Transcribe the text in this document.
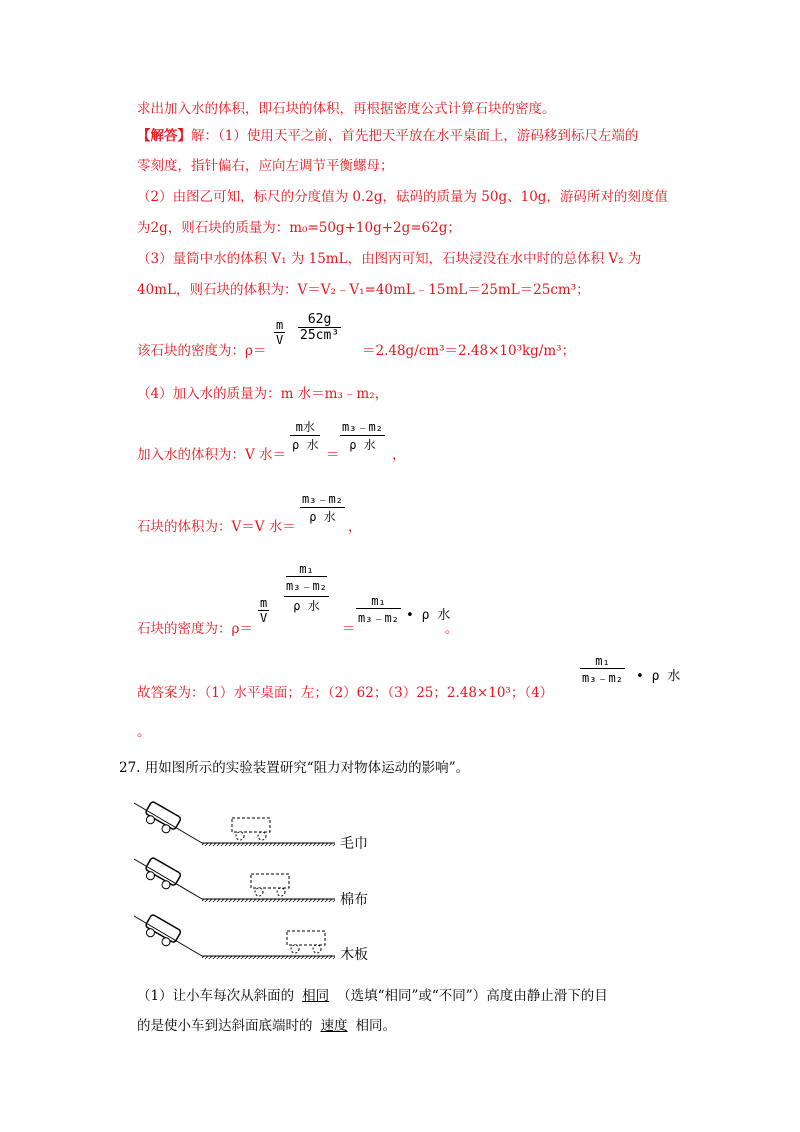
求出加入水的体积，即石块的体积，再根据密度公式计算石块的密度。
【解答】解：（1）使用天平之前，首先把天平放在水平桌面上，游码移到标尺左端的
零刻度，指针偏右，应向左调节平衡螺母；
（2）由图乙可知，标尺的分度值为 0.2g，砝码的质量为 50g、10g，游码所对的刻度值
为2g，则石块的质量为：m₀=50g+10g+2g=62g；
（3）量筒中水的体积 V₁ 为 15mL，由图丙可知，石块浸没在水中时的总体积 V₂ 为
40mL，则石块的体积为：V＝V₂﹣V₁=40mL﹣15mL＝25mL＝25cm³；
该石块的密度为：ρ＝
$\frac{m}{V} \frac{62g}{\text{25cm³}}$
＝2.48g/cm³＝2.48×10³kg/m³；
（4）加入水的质量为：m 水＝m₃﹣m₂，
加入水的体积为：V 水＝
m水
ρ 水
＝
m₃﹣m₂
ρ 水
，
石块的体积为：V＝V 水＝
m₃﹣m₂
ρ 水
，
石块的密度为：ρ＝
$\frac{m}{V}$
m₁
m₃﹣m₂
ρ 水
＝
$\frac{\text{m₁}}{\text{m₃﹣m₂}}$ • ρ 水
。
故答案为：（1）水平桌面；左；（2）62；（3）25；2.48×10³；（4）
$\frac{\text{m₁}}{\text{m₃﹣m₂}}$ • ρ 水
。
27. 用如图所示的实验装置研究“阻力对物体运动的影响”。
毛巾
棉布
木板
（1）让小车每次从斜面的 相同 （选填“相同”或“不同”）高度由静止滑下的目
的是使小车到达斜面底端时的 速度 相同。
